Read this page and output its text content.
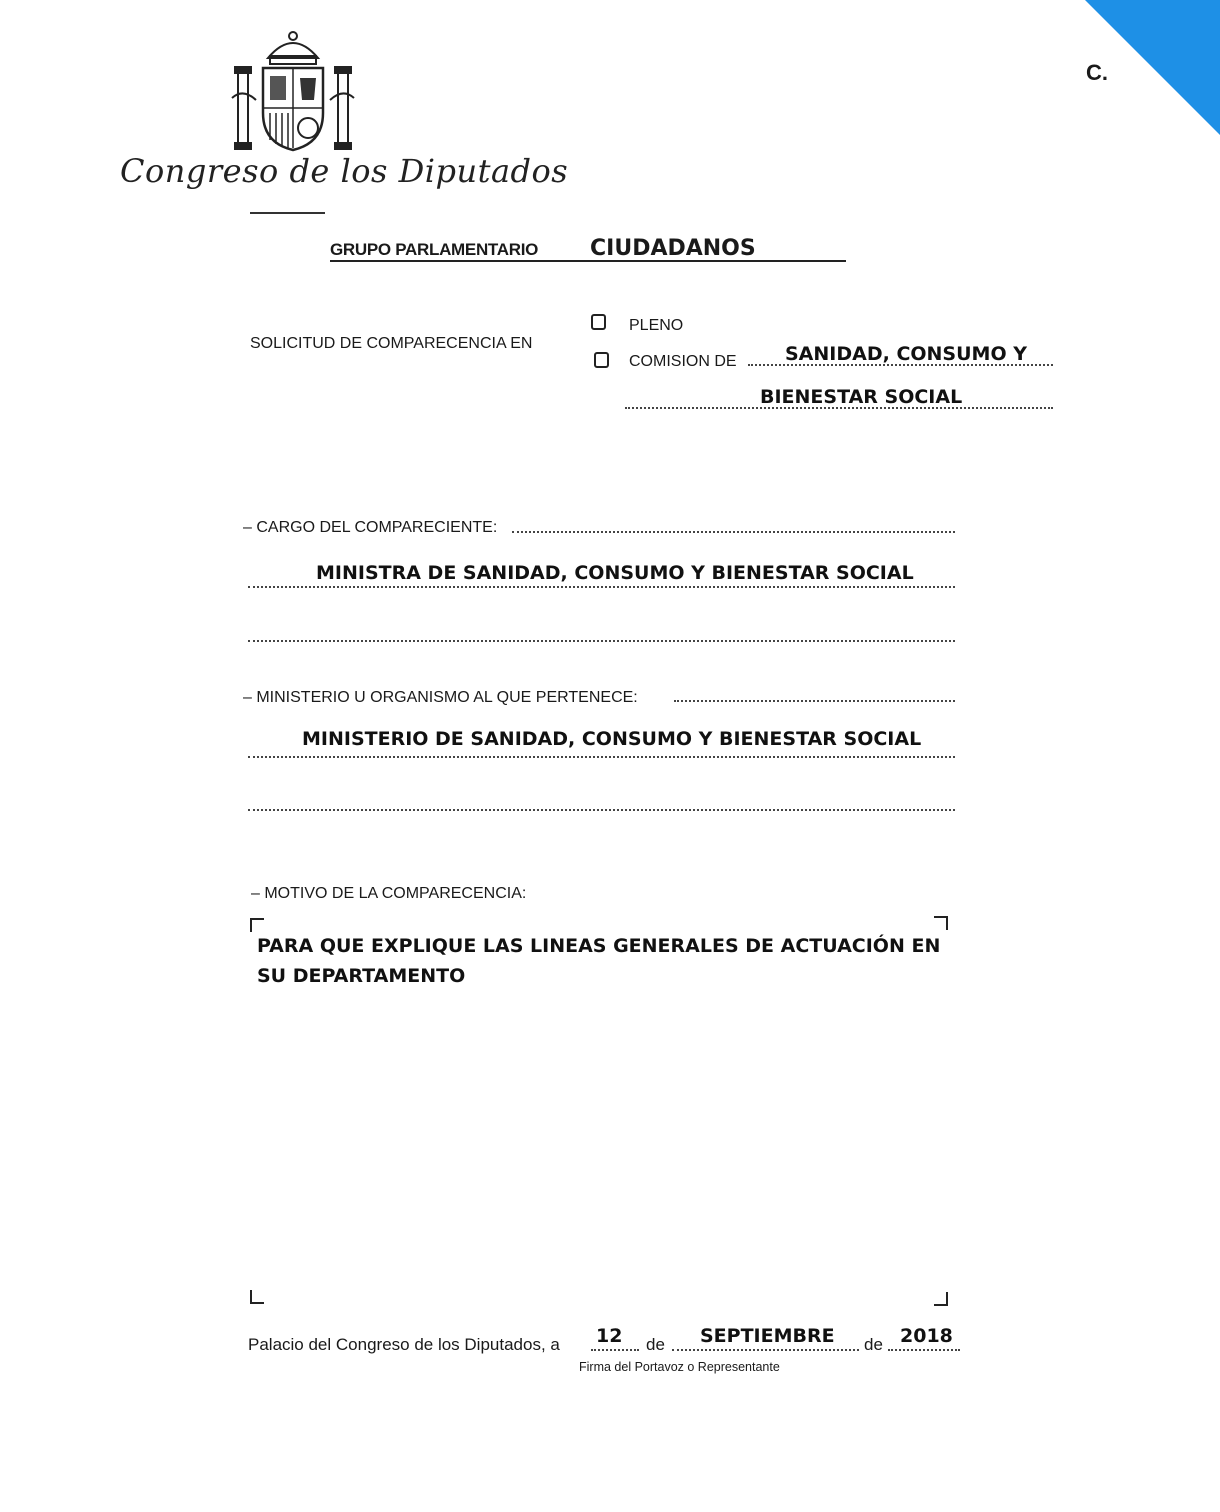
C.
Congreso de los Diputados
GRUPO PARLAMENTARIO CIUDADANOS
SOLICITUD DE COMPARECENCIA EN
PLENO
COMISION DE	SANIDAD, CONSUMO Y
BIENESTAR SOCIAL
– CARGO DEL COMPARECIENTE:
MINISTRA DE SANIDAD, CONSUMO Y BIENESTAR SOCIAL
– MINISTERIO U ORGANISMO AL QUE PERTENECE:
MINISTERIO DE SANIDAD, CONSUMO Y BIENESTAR SOCIAL
– MOTIVO DE LA COMPARECENCIA:
PARA QUE EXPLIQUE LAS LINEAS GENERALES DE ACTUACIÓN EN SU DEPARTAMENTO
Palacio del Congreso de los Diputados, a 12 de SEPTIEMBRE de 2018
Firma del Portavoz o Representante
